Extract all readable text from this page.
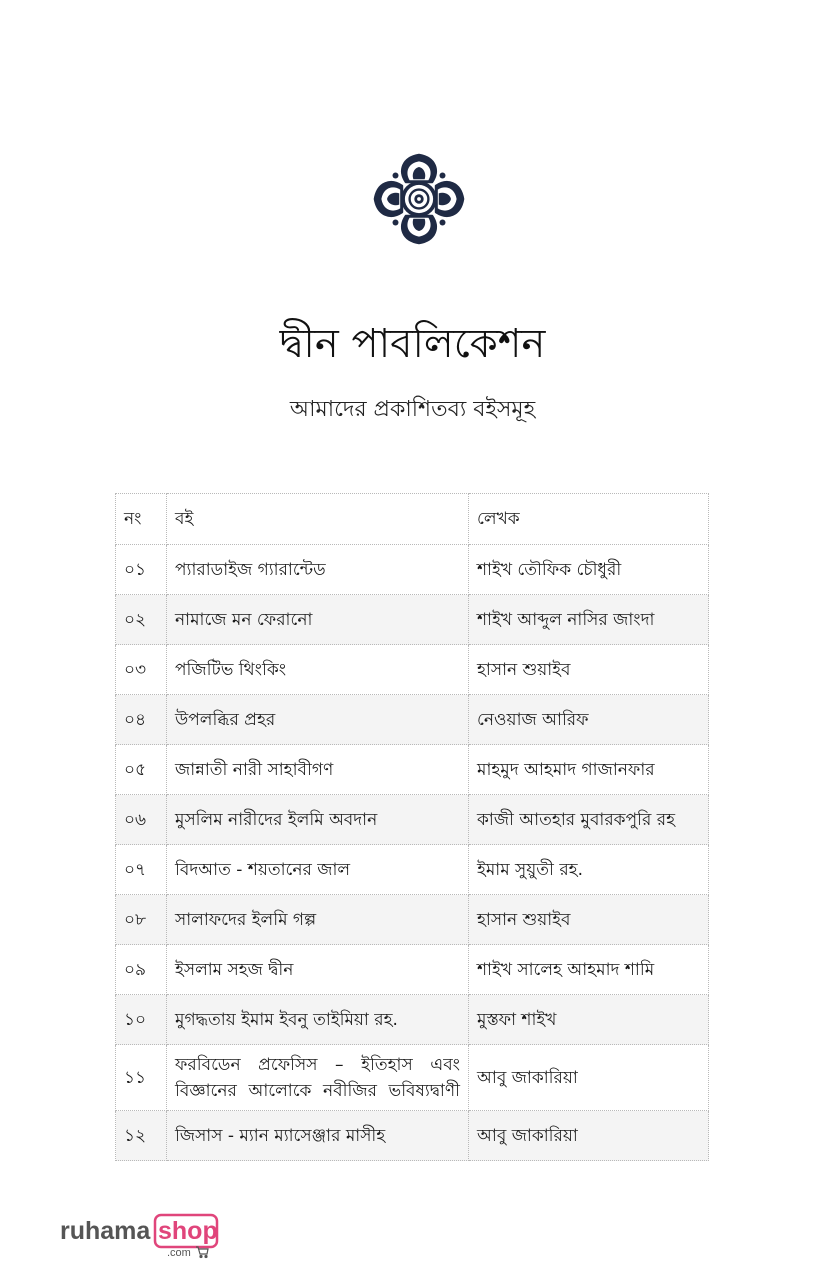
দ্বীন পাবলিকেশন
আমাদের প্রকাশিতব্য বইসমূহ
নং	বই	লেখক
০১	প্যারাডাইজ গ্যারান্টেড	শাইখ তৌফিক চৌধুরী
০২	নামাজে মন ফেরানো	শাইখ আব্দুল নাসির জাংদা
০৩	পজিটিভ থিংকিং	হাসান শুয়াইব
০৪	উপলব্ধির প্রহর	নেওয়াজ আরিফ
০৫	জান্নাতী নারী সাহাবীগণ	মাহমুদ আহমাদ গাজানফার
০৬	মুসলিম নারীদের ইলমি অবদান	কাজী আতহার মুবারকপুরি রহ
০৭	বিদআত - শয়তানের জাল	ইমাম সুয়ুতী রহ.
০৮	সালাফদের ইলমি গল্প	হাসান শুয়াইব
০৯	ইসলাম সহজ দ্বীন	শাইখ সালেহ আহমাদ শামি
১০	মুগদ্ধতায় ইমাম ইবনু তাইমিয়া রহ.	মুস্তফা শাইখ
১১	ফরবিডেন প্রফেসিস – ইতিহাস এবং বিজ্ঞানের আলোকে নবীজির ভবিষ্যদ্বাণী	আবু জাকারিয়া
১২	জিসাস - ম্যান ম্যাসেঞ্জার মাসীহ	আবু জাকারিয়া
ruhama shop
.com
